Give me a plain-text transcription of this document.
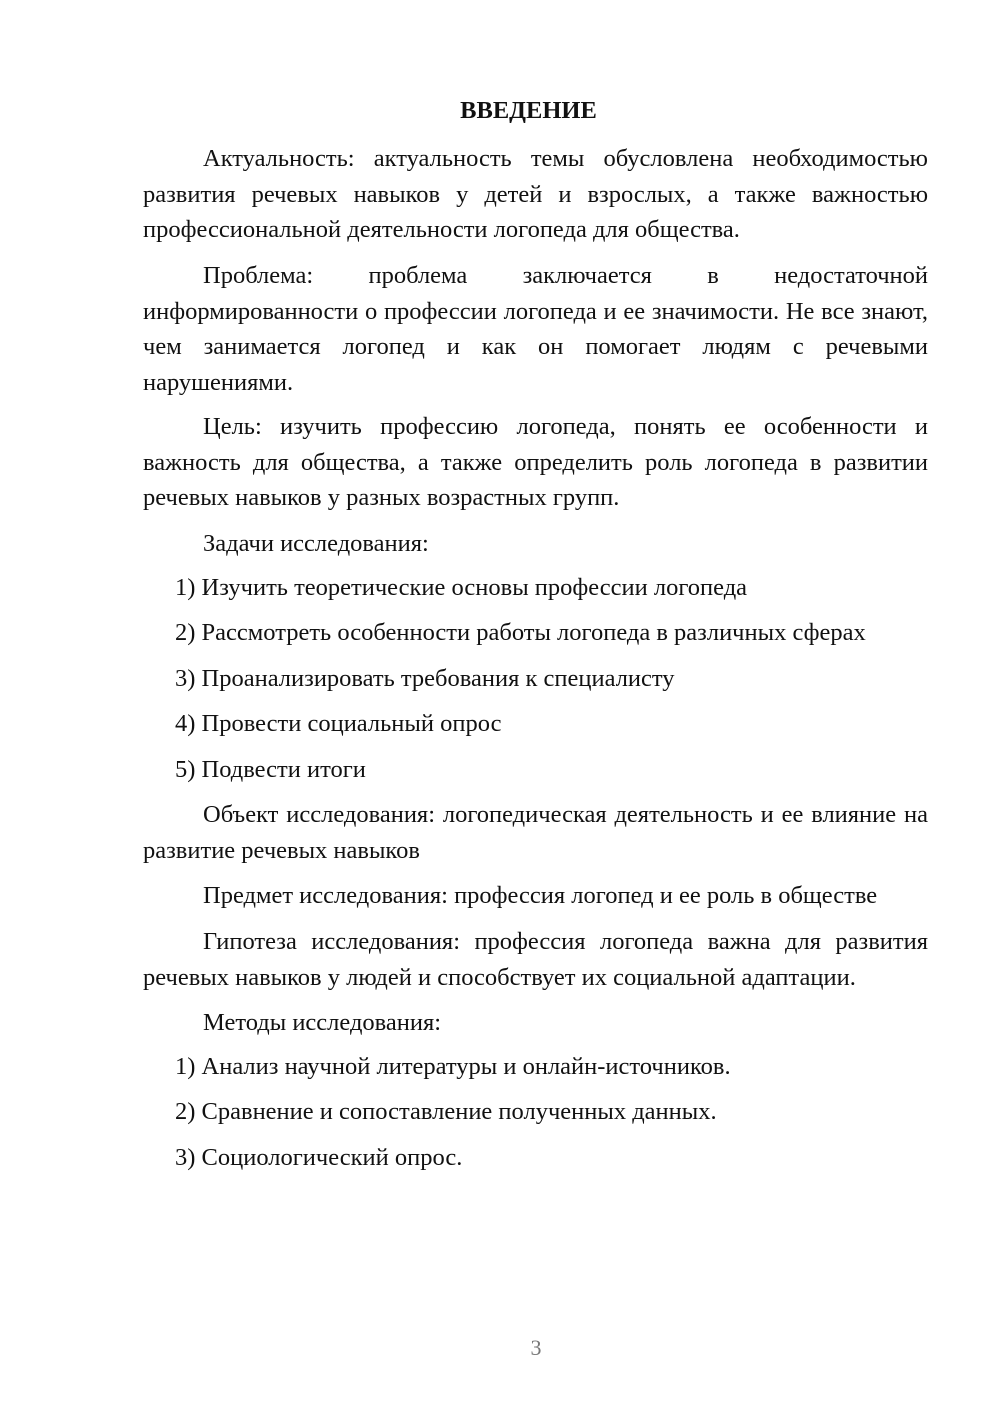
ВВЕДЕНИЕ

Актуальность: актуальность темы обусловлена необходимостью развития речевых навыков у детей и взрослых, а также важностью профессиональной деятельности логопеда для общества.

Проблема: проблема заключается в недостаточной информированности о профессии логопеда и ее значимости. Не все знают, чем занимается логопед и как он помогает людям с речевыми нарушениями.

Цель: изучить профессию логопеда, понять ее особенности и важность для общества, а также определить роль логопеда в развитии речевых навыков у разных возрастных групп.

Задачи исследования:

1) Изучить теоретические основы профессии логопеда

2) Рассмотреть особенности работы логопеда в различных сферах

3) Проанализировать требования к специалисту

4) Провести социальный опрос

5) Подвести итоги

Объект исследования: логопедическая деятельность и ее влияние на развитие речевых навыков

Предмет исследования: профессия логопед и ее роль в обществе

Гипотеза исследования: профессия логопеда важна для развития речевых навыков у людей и способствует их социальной адаптации.

Методы исследования:

1) Анализ научной литературы и онлайн-источников.

2) Сравнение и сопоставление полученных данных.

3) Социологический опрос.

3
